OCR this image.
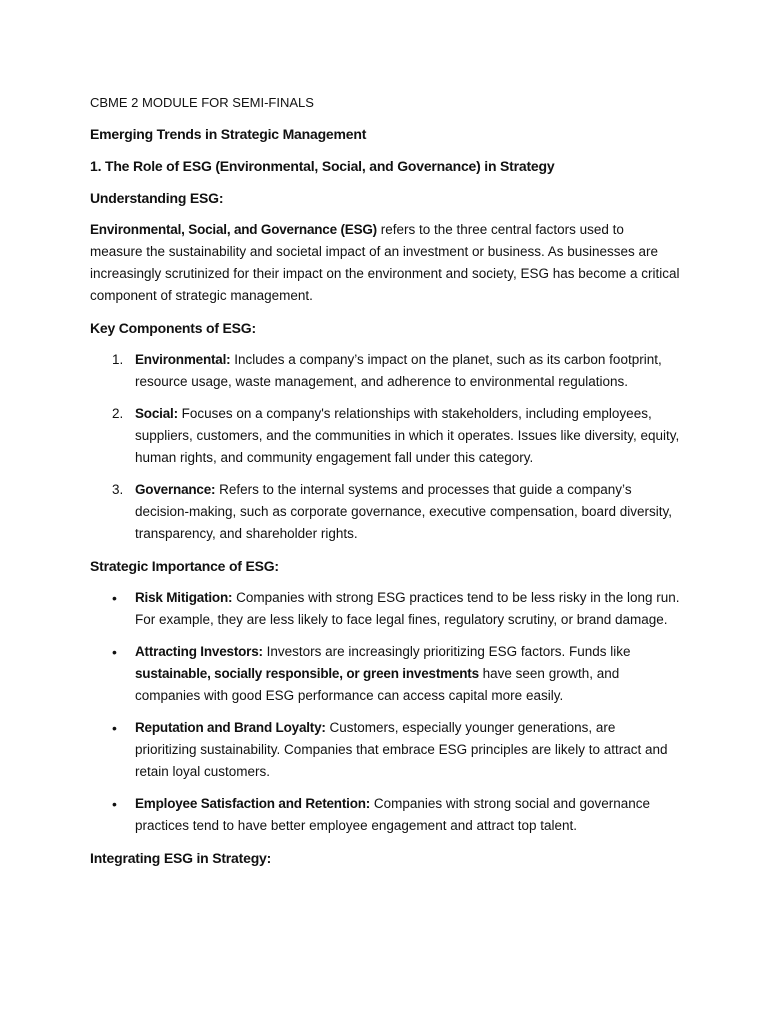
CBME 2 MODULE FOR SEMI-FINALS
Emerging Trends in Strategic Management
1. The Role of ESG (Environmental, Social, and Governance) in Strategy
Understanding ESG:
Environmental, Social, and Governance (ESG) refers to the three central factors used to measure the sustainability and societal impact of an investment or business. As businesses are increasingly scrutinized for their impact on the environment and society, ESG has become a critical component of strategic management.
Key Components of ESG:
1. Environmental: Includes a company’s impact on the planet, such as its carbon footprint, resource usage, waste management, and adherence to environmental regulations.
2. Social: Focuses on a company's relationships with stakeholders, including employees, suppliers, customers, and the communities in which it operates. Issues like diversity, equity, human rights, and community engagement fall under this category.
3. Governance: Refers to the internal systems and processes that guide a company’s decision-making, such as corporate governance, executive compensation, board diversity, transparency, and shareholder rights.
Strategic Importance of ESG:
• Risk Mitigation: Companies with strong ESG practices tend to be less risky in the long run. For example, they are less likely to face legal fines, regulatory scrutiny, or brand damage.
• Attracting Investors: Investors are increasingly prioritizing ESG factors. Funds like sustainable, socially responsible, or green investments have seen growth, and companies with good ESG performance can access capital more easily.
• Reputation and Brand Loyalty: Customers, especially younger generations, are prioritizing sustainability. Companies that embrace ESG principles are likely to attract and retain loyal customers.
• Employee Satisfaction and Retention: Companies with strong social and governance practices tend to have better employee engagement and attract top talent.
Integrating ESG in Strategy:
